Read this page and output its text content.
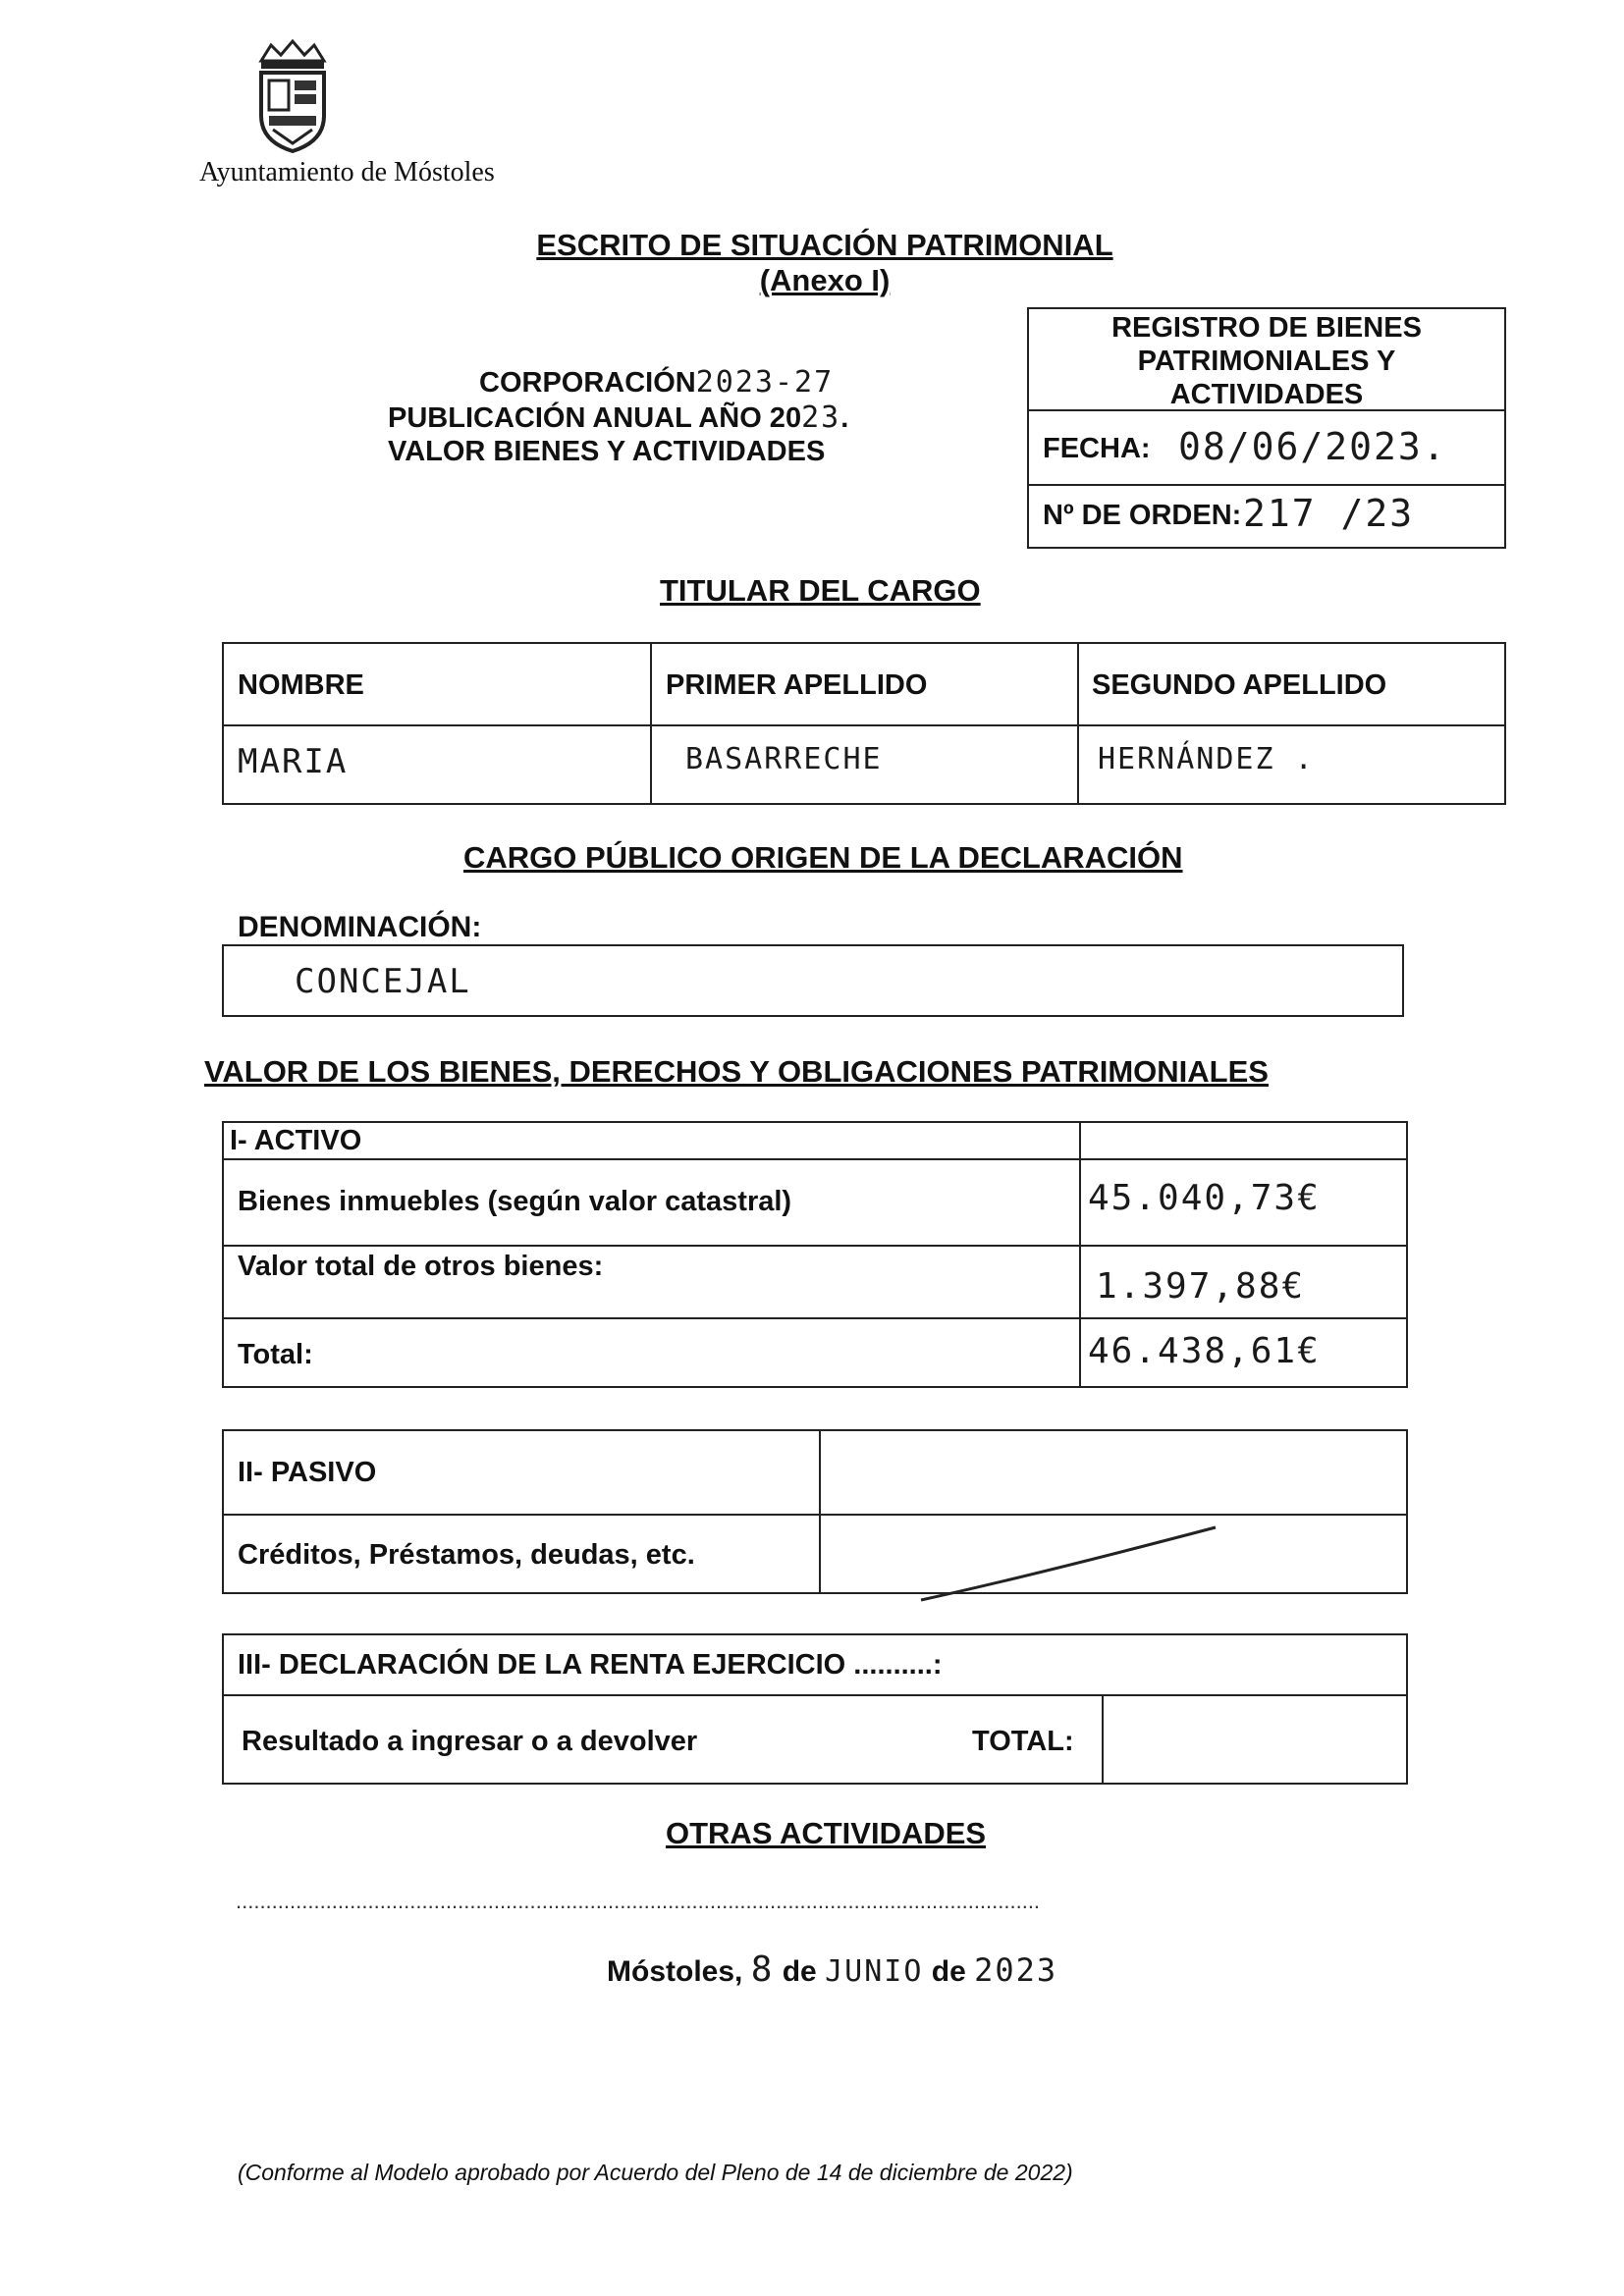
Ayuntamiento de Móstoles
ESCRITO DE SITUACIÓN PATRIMONIAL
(Anexo I)
CORPORACIÓN2023-27
PUBLICACIÓN ANUAL AÑO 2023.
VALOR BIENES Y ACTIVIDADES
REGISTRO DE BIENES
PATRIMONIALES Y
ACTIVIDADES
FECHA: 08/06/2023.
Nº DE ORDEN: 217 /23
TITULAR DEL CARGO
NOMBRE	PRIMER APELLIDO	SEGUNDO APELLIDO
MARIA	BASARRECHE	HERNÁNDEZ .
CARGO PÚBLICO ORIGEN DE LA DECLARACIÓN
DENOMINACIÓN:
CONCEJAL
VALOR DE LOS BIENES, DERECHOS Y OBLIGACIONES PATRIMONIALES
I- ACTIVO
Bienes inmuebles (según valor catastral)	45.040,73€
Valor total de otros bienes:	1.397,88€
Total:	46.438,61€
II- PASIVO
Créditos, Préstamos, deudas, etc.
III- DECLARACIÓN DE LA RENTA EJERCICIO ..........:
Resultado a ingresar o a devolver	TOTAL:
OTRAS ACTIVIDADES
......................................................................................................................................
Móstoles, 8 de JUNIO de 2023
(Conforme al Modelo aprobado por Acuerdo del Pleno de 14 de diciembre de 2022)
